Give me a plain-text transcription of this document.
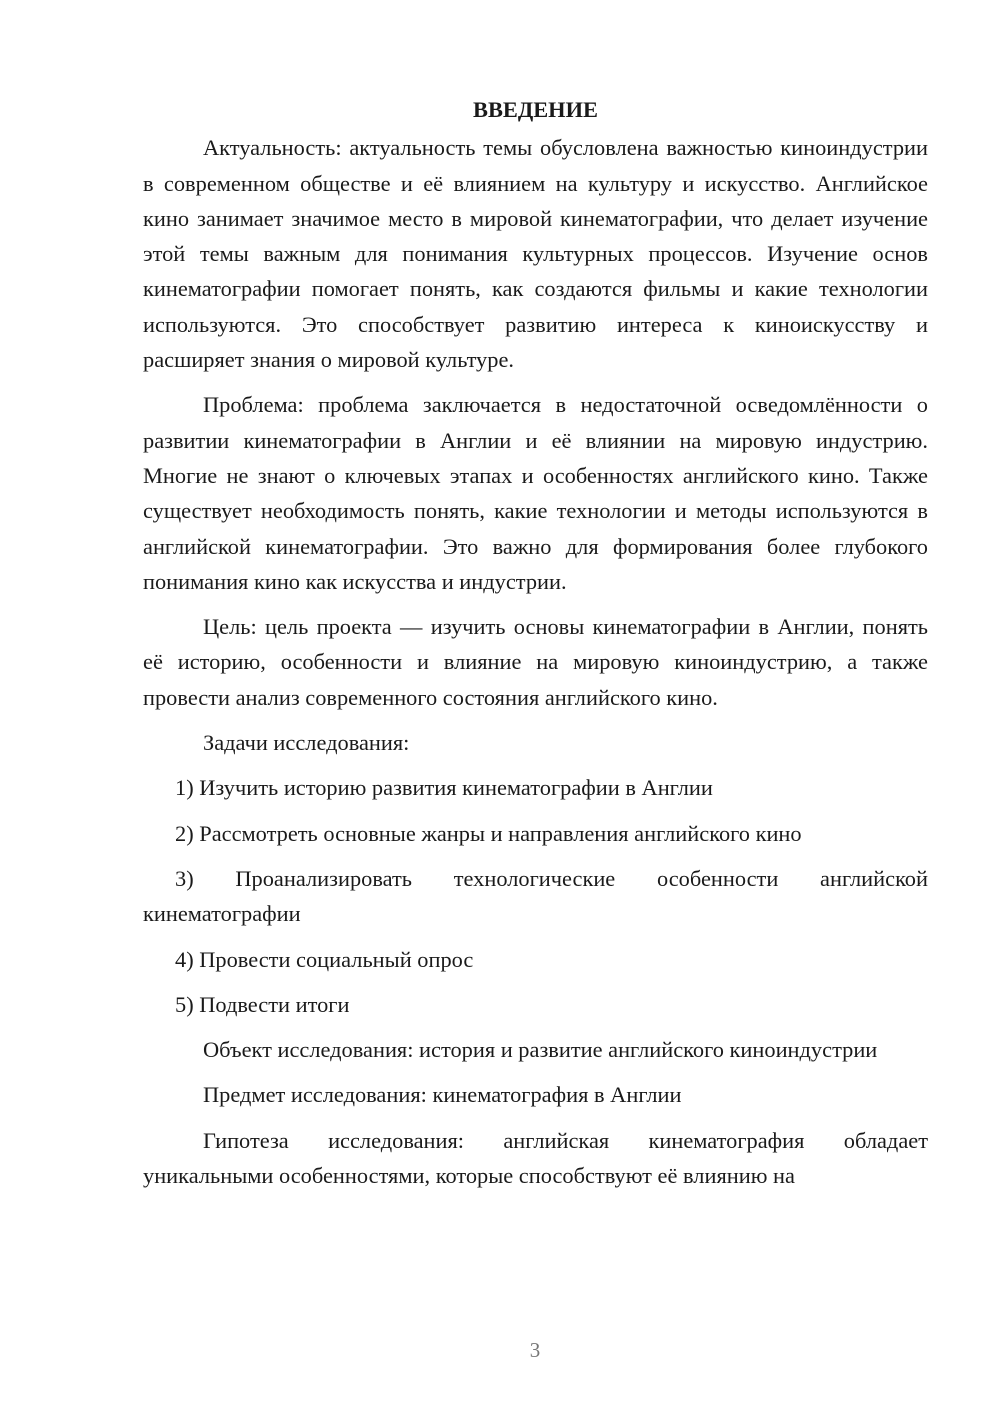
ВВЕДЕНИЕ

Актуальность: актуальность темы обусловлена важностью киноиндустрии в современном обществе и её влиянием на культуру и искусство. Английское кино занимает значимое место в мировой кинематографии, что делает изучение этой темы важным для понимания культурных процессов. Изучение основ кинематографии помогает понять, как создаются фильмы и какие технологии используются. Это способствует развитию интереса к киноискусству и расширяет знания о мировой культуре.

Проблема: проблема заключается в недостаточной осведомлённости о развитии кинематографии в Англии и её влиянии на мировую индустрию. Многие не знают о ключевых этапах и особенностях английского кино. Также существует необходимость понять, какие технологии и методы используются в английской кинематографии. Это важно для формирования более глубокого понимания кино как искусства и индустрии.

Цель: цель проекта — изучить основы кинематографии в Англии, понять её историю, особенности и влияние на мировую киноиндустрию, а также провести анализ современного состояния английского кино.

Задачи исследования:

1) Изучить историю развития кинематографии в Англии

2) Рассмотреть основные жанры и направления английского кино

3) Проанализировать технологические особенности английской кинематографии

4) Провести социальный опрос

5) Подвести итоги

Объект исследования: история и развитие английского киноиндустрии

Предмет исследования: кинематография в Англии

Гипотеза исследования: английская кинематография обладает уникальными особенностями, которые способствуют её влиянию на

3
